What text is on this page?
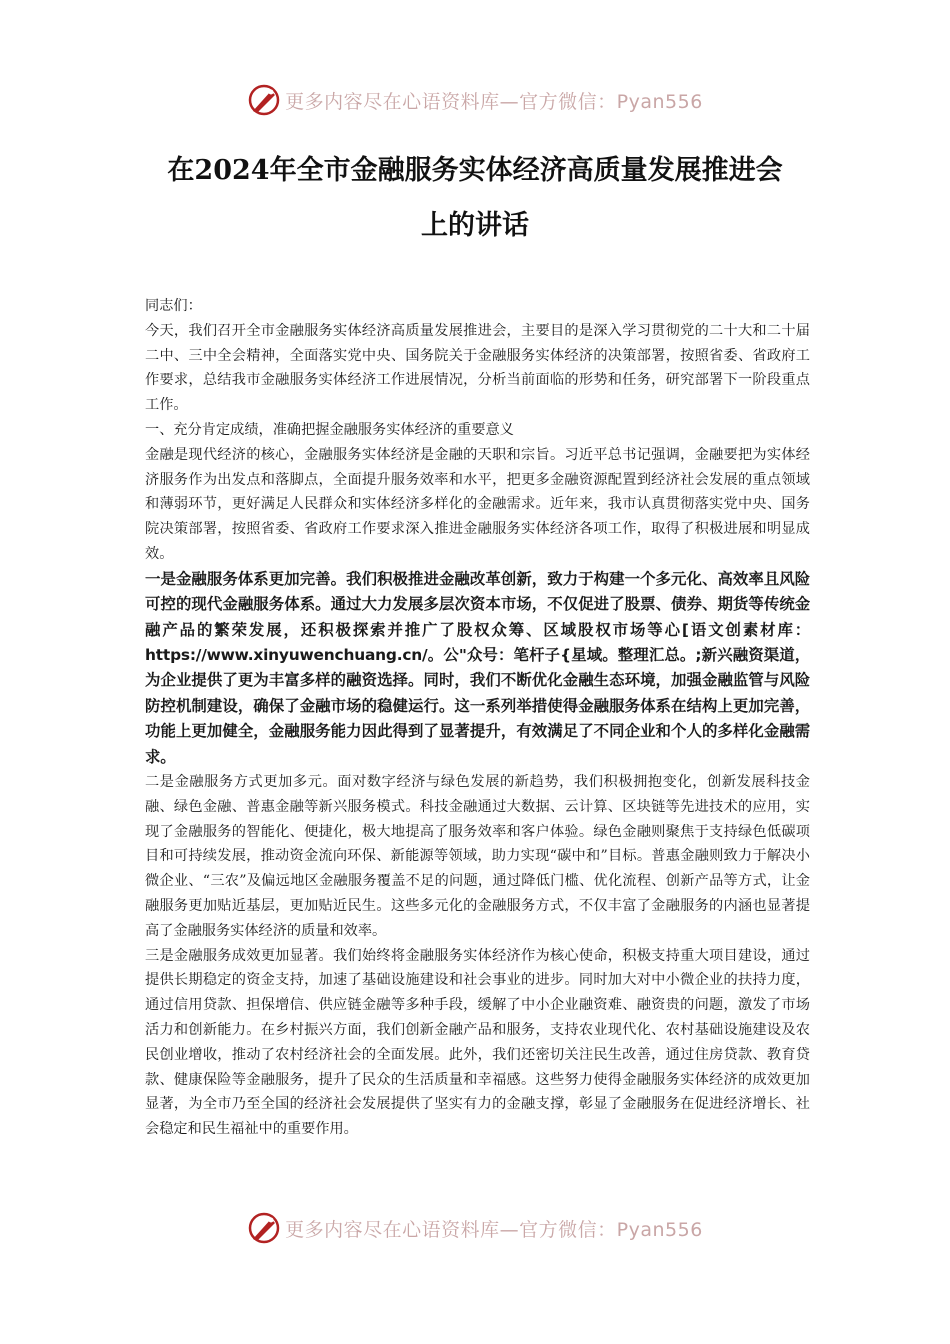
更多内容尽在心语资料库—官方微信：Pyan556
在2024年全市金融服务实体经济高质量发展推进会
上的讲话

同志们：

今天，我们召开全市金融服务实体经济高质量发展推进会，主要目的是深入学习贯彻党的二十大和二十届二中、三中全会精神，全面落实党中央、国务院关于金融服务实体经济的决策部署，按照省委、省政府工作要求，总结我市金融服务实体经济工作进展情况，分析当前面临的形势和任务，研究部署下一阶段重点工作。

一、充分肯定成绩，准确把握金融服务实体经济的重要意义

金融是现代经济的核心，金融服务实体经济是金融的天职和宗旨。习近平总书记强调，金融要把为实体经济服务作为出发点和落脚点，全面提升服务效率和水平，把更多金融资源配置到经济社会发展的重点领域和薄弱环节，更好满足人民群众和实体经济多样化的金融需求。近年来，我市认真贯彻落实党中央、国务院决策部署，按照省委、省政府工作要求深入推进金融服务实体经济各项工作，取得了积极进展和明显成效。

一是金融服务体系更加完善。我们积极推进金融改革创新，致力于构建一个多元化、高效率且风险可控的现代金融服务体系。通过大力发展多层次资本市场，不仅促进了股票、债券、期货等传统金融产品的繁荣发展，还积极探索并推广了股权众筹、区域股权市场等心[语文创素材库：https://www.xinyuwenchuang.cn/。公"众号：笔杆子{星域。整理汇总。;新兴融资渠道，为企业提供了更为丰富多样的融资选择。同时，我们不断优化金融生态环境，加强金融监管与风险防控机制建设，确保了金融市场的稳健运行。这一系列举措使得金融服务体系在结构上更加完善，功能上更加健全，金融服务能力因此得到了显著提升，有效满足了不同企业和个人的多样化金融需求。

二是金融服务方式更加多元。面对数字经济与绿色发展的新趋势，我们积极拥抱变化，创新发展科技金融、绿色金融、普惠金融等新兴服务模式。科技金融通过大数据、云计算、区块链等先进技术的应用，实现了金融服务的智能化、便捷化，极大地提高了服务效率和客户体验。绿色金融则聚焦于支持绿色低碳项目和可持续发展，推动资金流向环保、新能源等领域，助力实现“碳中和”目标。普惠金融则致力于解决小微企业、“三农”及偏远地区金融服务覆盖不足的问题，通过降低门槛、优化流程、创新产品等方式，让金融服务更加贴近基层，更加贴近民生。这些多元化的金融服务方式，不仅丰富了金融服务的内涵也显著提高了金融服务实体经济的质量和效率。

三是金融服务成效更加显著。我们始终将金融服务实体经济作为核心使命，积极支持重大项目建设，通过提供长期稳定的资金支持，加速了基础设施建设和社会事业的进步。同时加大对中小微企业的扶持力度，通过信用贷款、担保增信、供应链金融等多种手段，缓解了中小企业融资难、融资贵的问题，激发了市场活力和创新能力。在乡村振兴方面，我们创新金融产品和服务，支持农业现代化、农村基础设施建设及农民创业增收，推动了农村经济社会的全面发展。此外，我们还密切关注民生改善，通过住房贷款、教育贷款、健康保险等金融服务，提升了民众的生活质量和幸福感。这些努力使得金融服务实体经济的成效更加显著，为全市乃至全国的经济社会发展提供了坚实有力的金融支撑，彰显了金融服务在促进经济增长、社会稳定和民生福祉中的重要作用。

更多内容尽在心语资料库—官方微信：Pyan556
